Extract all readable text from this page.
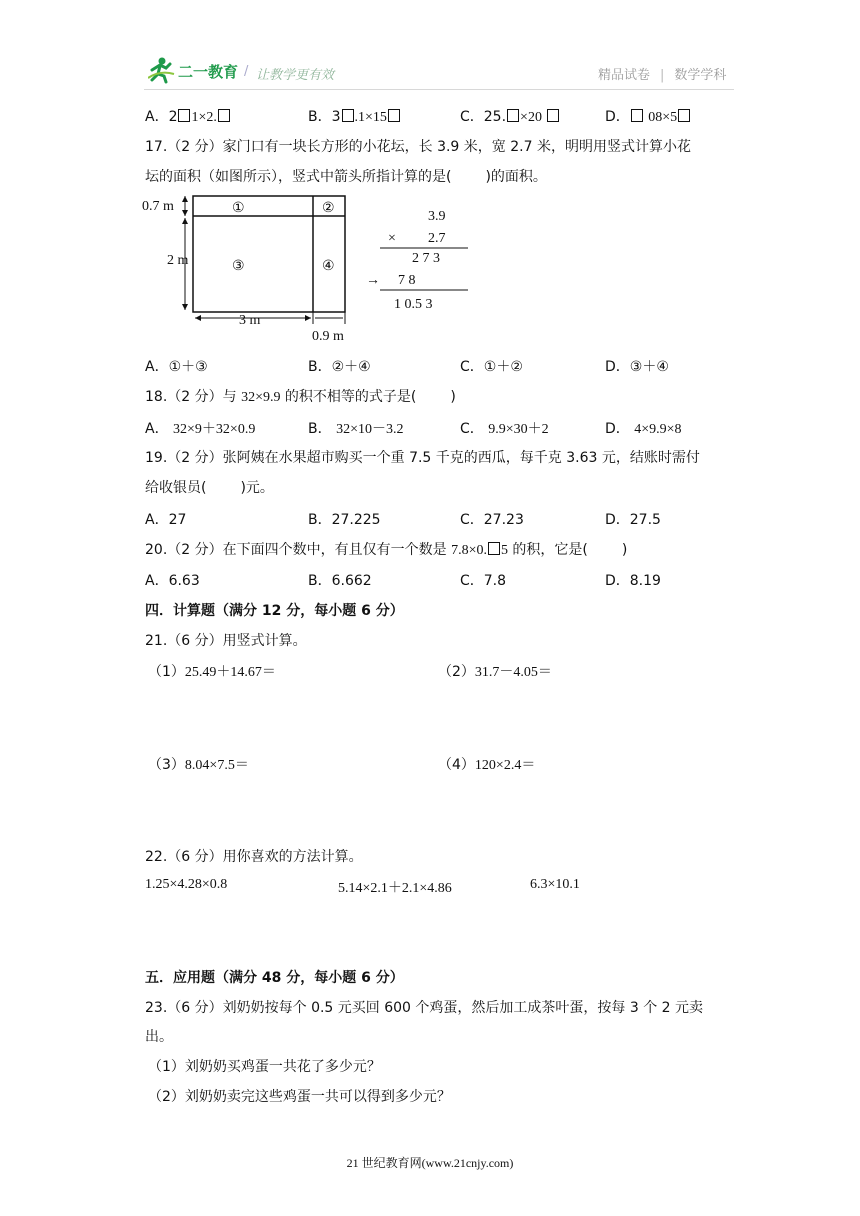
二一教育 / 让教学更有效	精品试卷 | 数学学科
A．2 1×2.	B．3 .1×15	C．25. ×20	D． 08×5
17.（2 分）家门口有一块长方形的小花坛，长 3.9 米，宽 2.7 米，明明用竖式计算小花
坛的面积（如图所示），竖式中箭头所指计算的是( )的面积。
0.7 m
2 m
3 m
0.9 m
①	②
③	④
3.9
× 2.7
2 7 3
→ 7 8
1 0.5 3
A．①＋③	B．②＋④	C．①＋②	D．③＋④
18.（2 分）与 32×9.9 的积不相等的式子是( )
A． 32×9＋32×0.9	B． 32×10－3.2	C． 9.9×30＋2	D． 4×9.9×8
19.（2 分）张阿姨在水果超市购买一个重 7.5 千克的西瓜，每千克 3.63 元，结账时需付
给收银员( )元。
A．27	B．27.225	C．27.23	D．27.5
20.（2 分）在下面四个数中，有且仅有一个数是 7.8×0. 5 的积，它是( )
A．6.63	B．6.662	C．7.8	D．8.19
四．计算题（满分 12 分，每小题 6 分）
21.（6 分）用竖式计算。
（1）25.49＋14.67＝	（2）31.7－4.05＝
（3）8.04×7.5＝	（4）120×2.4＝
22.（6 分）用你喜欢的方法计算。
1.25×4.28×0.8	5.14×2.1＋2.1×4.86	6.3×10.1
五．应用题（满分 48 分，每小题 6 分）
23.（6 分）刘奶奶按每个 0.5 元买回 600 个鸡蛋，然后加工成茶叶蛋，按每 3 个 2 元卖
出。
（1）刘奶奶买鸡蛋一共花了多少元？
（2）刘奶奶卖完这些鸡蛋一共可以得到多少元？
21 世纪教育网(www.21cnjy.com)
